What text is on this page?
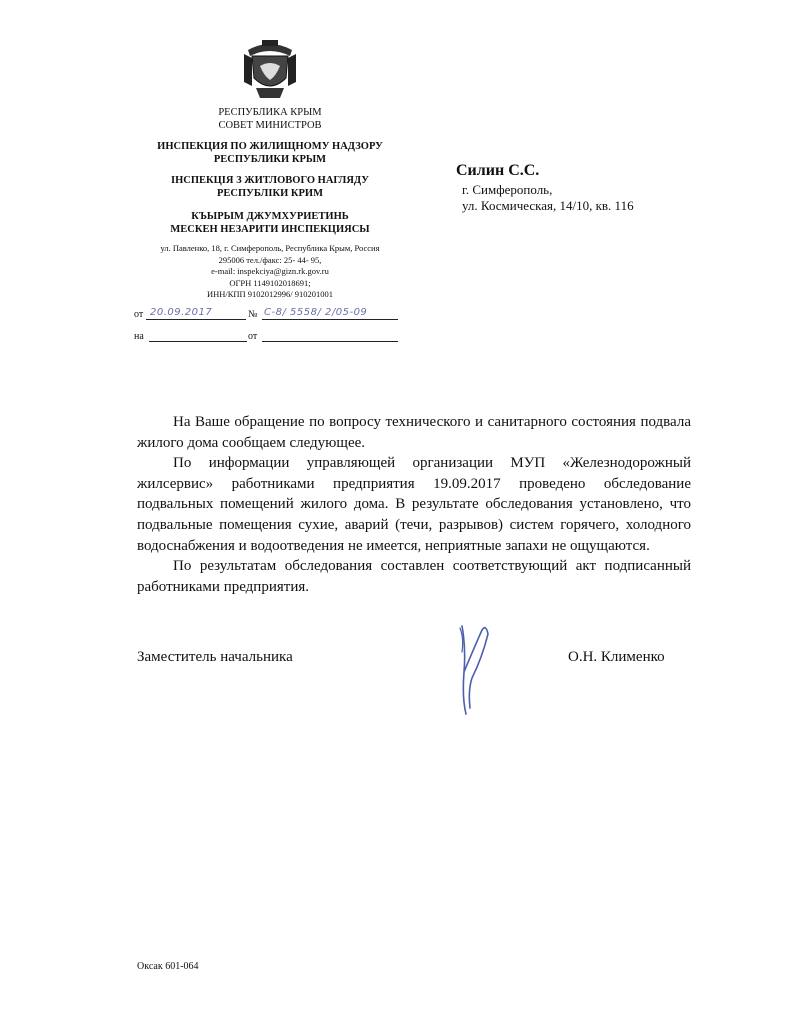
РЕСПУБЛИКА КРЫМ
СОВЕТ МИНИСТРОВ
ИНСПЕКЦИЯ ПО ЖИЛИЩНОМУ НАДЗОРУ
РЕСПУБЛИКИ КРЫМ
ІНСПЕКЦІЯ З ЖИТЛОВОГО НАГЛЯДУ
РЕСПУБЛІКИ КРИМ
КЪЫРЫМ ДЖУМХУРИЕТИНЬ
МЕСКЕН НЕЗАРИТИ ИНСПЕКЦИЯСЫ
ул. Павленко, 18, г. Симферополь, Республика Крым, Россия
295006 тел./факс: 25- 44- 95,
e-mail: inspekciya@gizn.rk.gov.ru
ОГРН 1149102018691;
ИНН/КПП 9102012996/ 910201001
от 20.09.2017	№ С-8/ 5558/ 2/05-09
на	от
Силин С.С.
г. Симферополь,
ул. Космическая, 14/10, кв. 116

На Ваше обращение по вопросу технического и санитарного состояния подвала жилого дома сообщаем следующее.

По информации управляющей организации МУП «Железнодорожный жилсервис» работниками предприятия 19.09.2017 проведено обследование подвальных помещений жилого дома. В результате обследования установлено, что подвальные помещения сухие, аварий (течи, разрывов) систем горячего, холодного водоснабжения и водоотведения не имеется, неприятные запахи не ощущаются.

По результатам обследования составлен соответствующий акт подписанный работниками предприятия.

Заместитель начальника	О.Н. Клименко
Оксак 601-064
